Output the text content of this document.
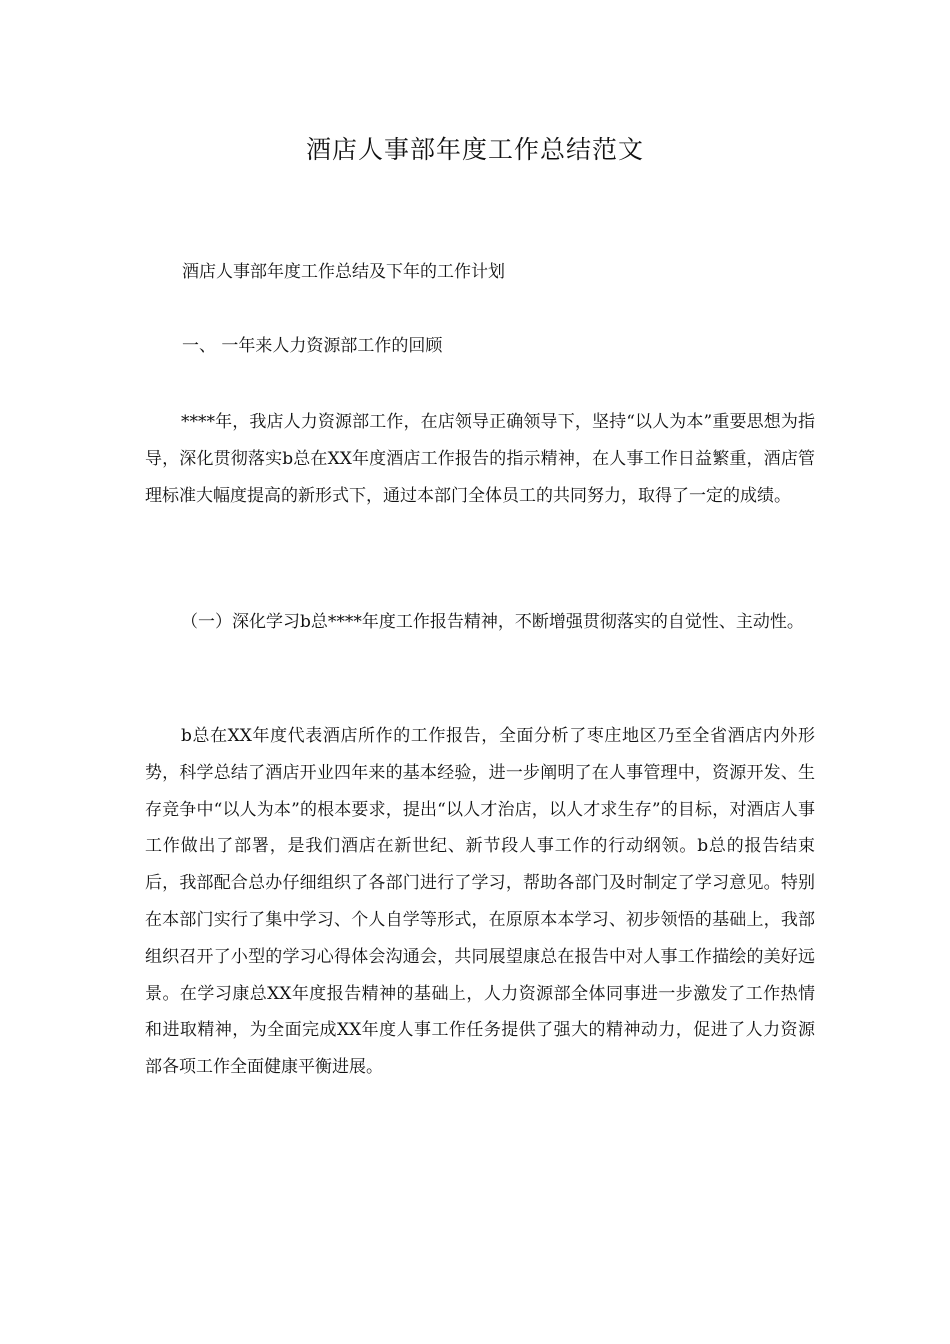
酒店人事部年度工作总结范文

酒店人事部年度工作总结及下年的工作计划

一、 一年来人力资源部工作的回顾

****年，我店人力资源部工作，在店领导正确领导下，坚持“以人为本”重要思想为指导，深化贯彻落实b总在XX年度酒店工作报告的指示精神，在人事工作日益繁重，酒店管理标准大幅度提高的新形式下，通过本部门全体员工的共同努力，取得了一定的成绩。

（一）深化学习b总****年度工作报告精神，不断增强贯彻落实的自觉性、主动性。

b总在XX年度代表酒店所作的工作报告，全面分析了枣庄地区乃至全省酒店内外形势，科学总结了酒店开业四年来的基本经验，进一步阐明了在人事管理中，资源开发、生存竞争中“以人为本”的根本要求，提出“以人才治店，以人才求生存”的目标，对酒店人事工作做出了部署，是我们酒店在新世纪、新节段人事工作的行动纲领。b总的报告结束后，我部配合总办仔细组织了各部门进行了学习，帮助各部门及时制定了学习意见。特别在本部门实行了集中学习、个人自学等形式，在原原本本学习、初步领悟的基础上，我部组织召开了小型的学习心得体会沟通会，共同展望康总在报告中对人事工作描绘的美好远景。在学习康总XX年度报告精神的基础上，人力资源部全体同事进一步激发了工作热情和进取精神，为全面完成XX年度人事工作任务提供了强大的精神动力，促进了人力资源部各项工作全面健康平衡进展。
